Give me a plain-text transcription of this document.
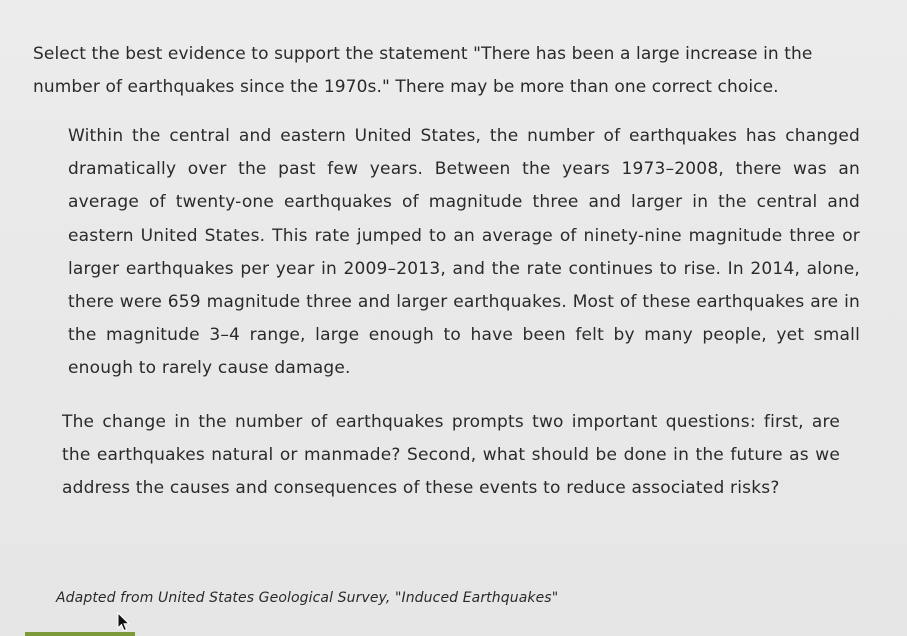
Select the best evidence to support the statement "There has been a large increase in the number of earthquakes since the 1970s." There may be more than one correct choice.

Within the central and eastern United States, the number of earthquakes has changed dramatically over the past few years. Between the years 1973–2008, there was an average of twenty-one earthquakes of magnitude three and larger in the central and eastern United States. This rate jumped to an average of ninety-nine magnitude three or larger earthquakes per year in 2009–2013, and the rate continues to rise. In 2014, alone, there were 659 magnitude three and larger earthquakes. Most of these earthquakes are in the magnitude 3–4 range, large enough to have been felt by many people, yet small enough to rarely cause damage.

The change in the number of earthquakes prompts two important questions: first, are the earthquakes natural or manmade? Second, what should be done in the future as we address the causes and consequences of these events to reduce associated risks?

Adapted from United States Geological Survey, "Induced Earthquakes"
